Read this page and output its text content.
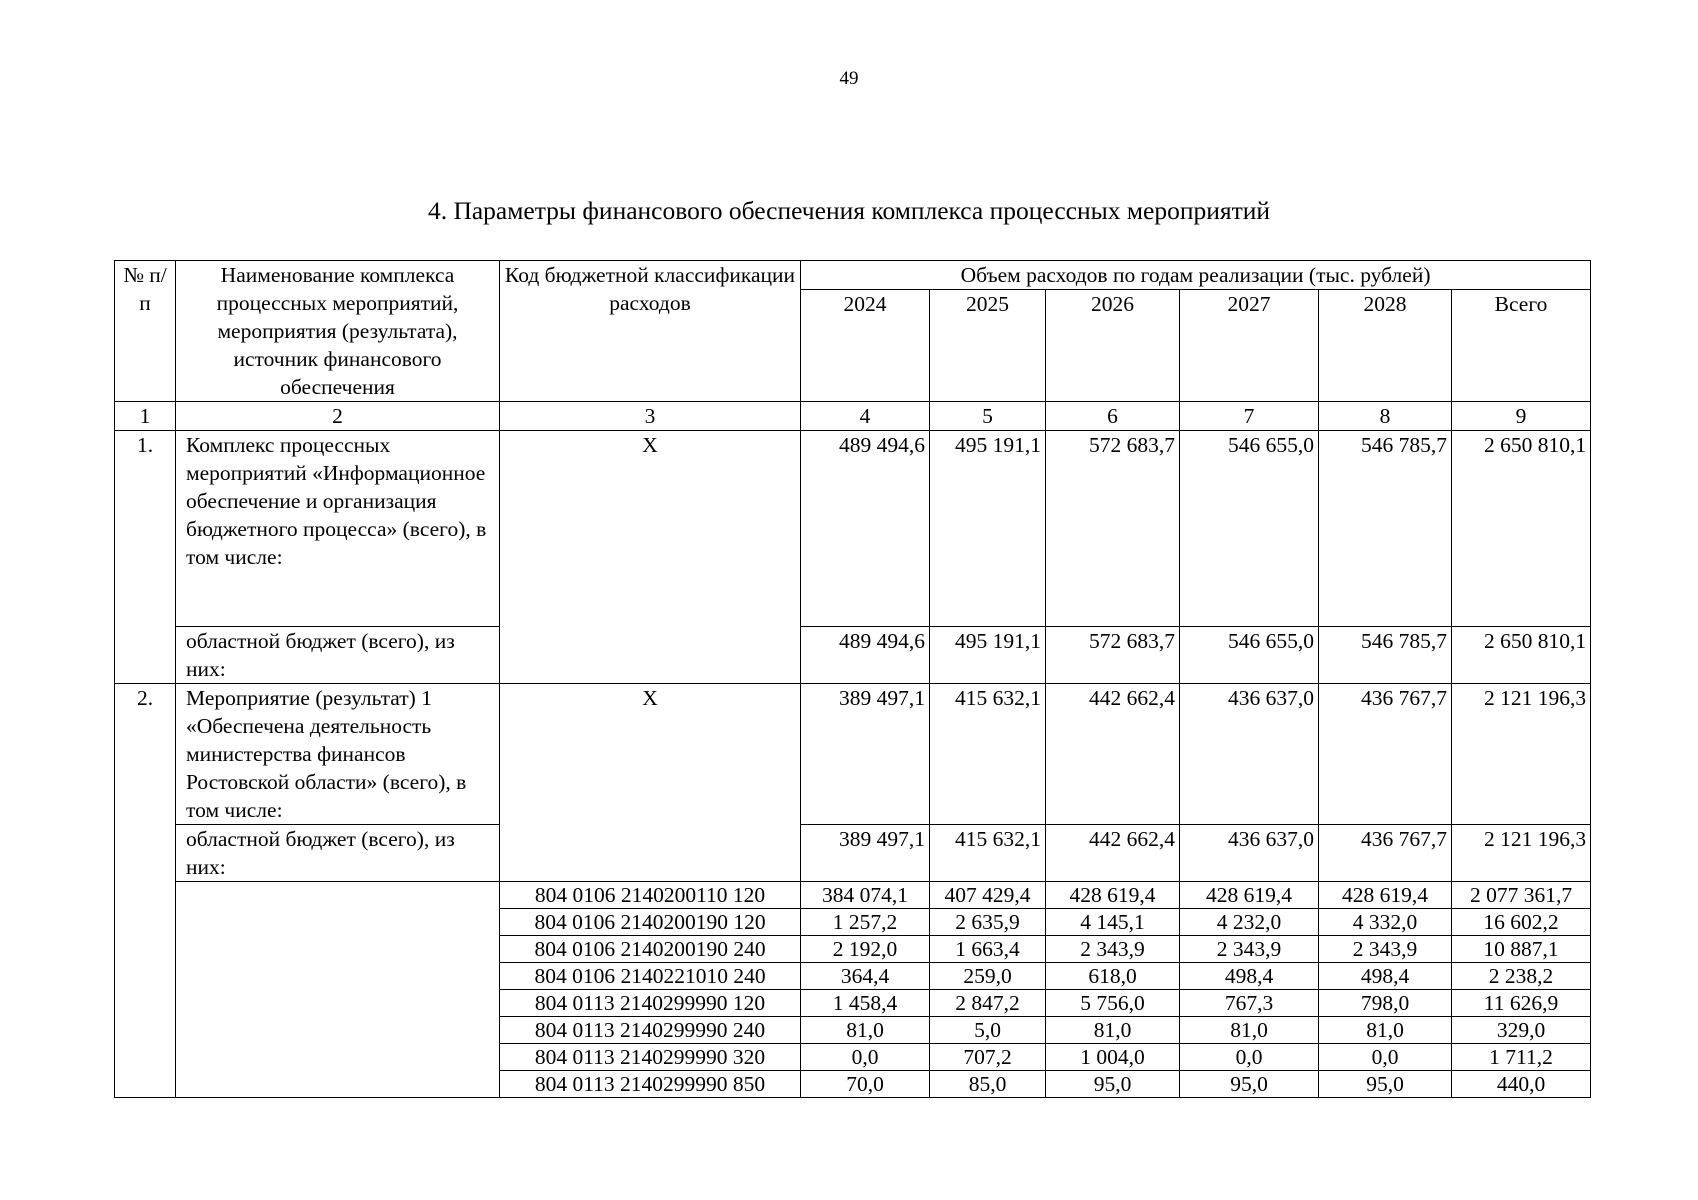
49
4. Параметры финансового обеспечения комплекса процессных мероприятий
№ п/п	Наименование комплекса процессных мероприятий, мероприятия (результата), источник финансового обеспечения	Код бюджетной классификации расходов	Объем расходов по годам реализации (тыс. рублей)					
			2024	2025	2026	2027	2028	Всего
1	2	3	4	5	6	7	8	9
1.	Комплекс процессных мероприятий «Информационное обеспечение и организация бюджетного процесса» (всего), в том числе:	X	489 494,6	495 191,1	572 683,7	546 655,0	546 785,7	2 650 810,1
	областной бюджет (всего), из них:		489 494,6	495 191,1	572 683,7	546 655,0	546 785,7	2 650 810,1
2.	Мероприятие (результат) 1 «Обеспечена деятельность министерства финансов Ростовской области» (всего), в том числе:	X	389 497,1	415 632,1	442 662,4	436 637,0	436 767,7	2 121 196,3
	областной бюджет (всего), из них:		389 497,1	415 632,1	442 662,4	436 637,0	436 767,7	2 121 196,3
		804 0106 2140200110 120	384 074,1	407 429,4	428 619,4	428 619,4	428 619,4	2 077 361,7
		804 0106 2140200190 120	1 257,2	2 635,9	4 145,1	4 232,0	4 332,0	16 602,2
		804 0106 2140200190 240	2 192,0	1 663,4	2 343,9	2 343,9	2 343,9	10 887,1
		804 0106 2140221010 240	364,4	259,0	618,0	498,4	498,4	2 238,2
		804 0113 2140299990 120	1 458,4	2 847,2	5 756,0	767,3	798,0	11 626,9
		804 0113 2140299990 240	81,0	5,0	81,0	81,0	81,0	329,0
		804 0113 2140299990 320	0,0	707,2	1 004,0	0,0	0,0	1 711,2
		804 0113 2140299990 850	70,0	85,0	95,0	95,0	95,0	440,0
